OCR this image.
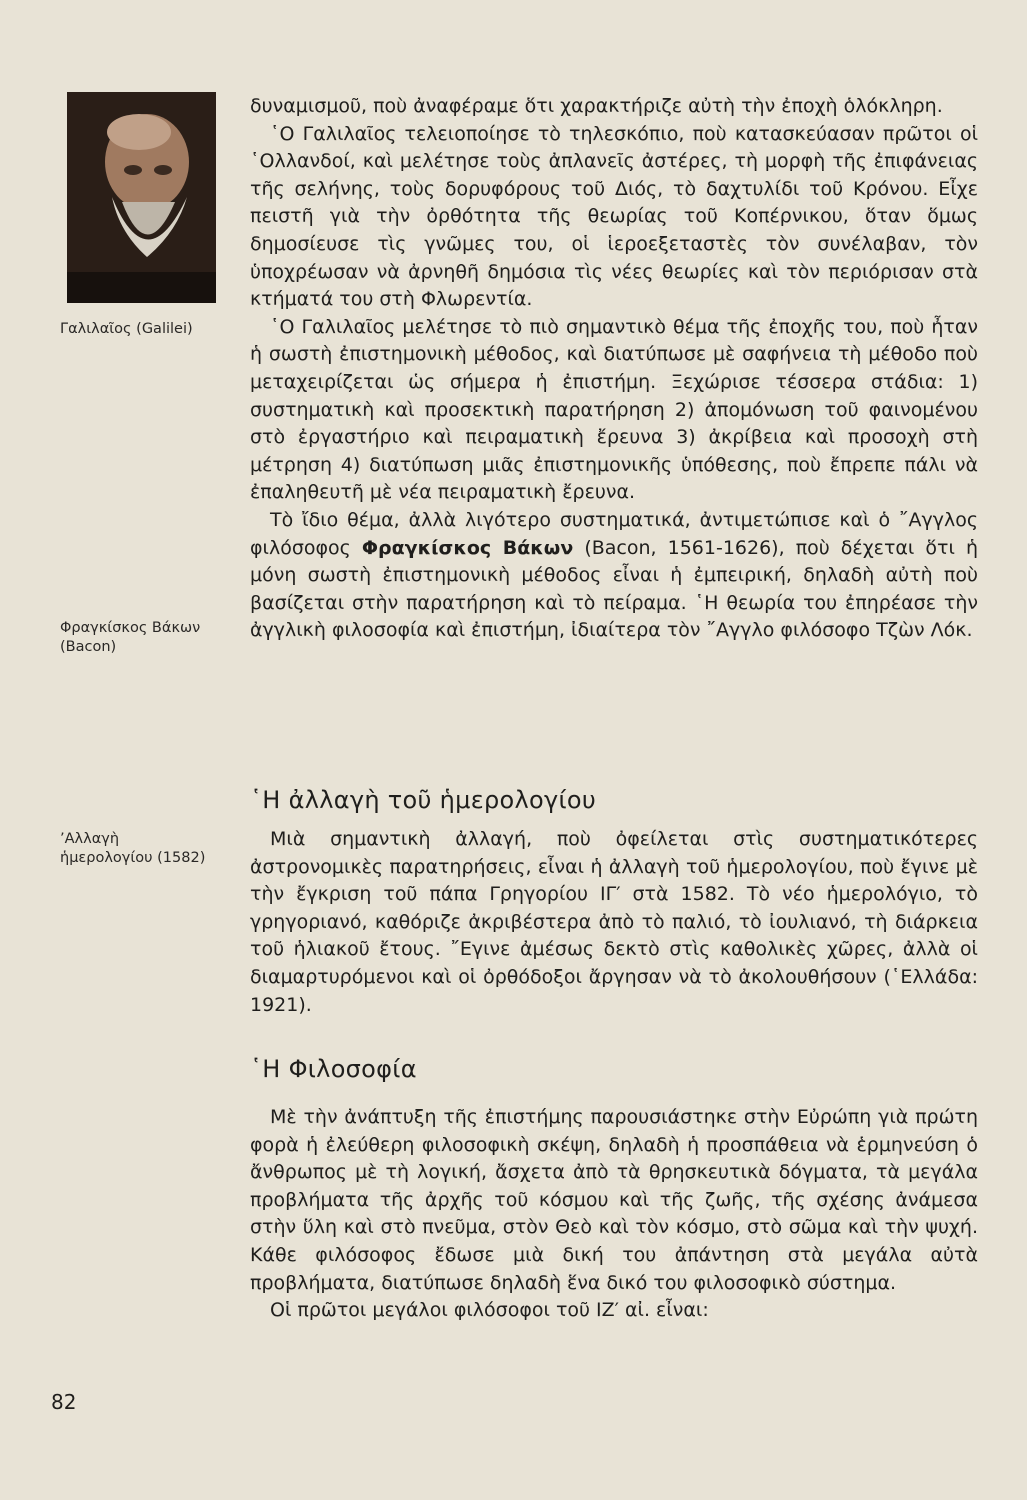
Γαλιλαῖος (Galilei)
Φραγκίσκος Βάκων
(Bacon)
’Αλλαγὴ
ἡμερολογίου (1582)

δυναμισμοῦ, ποὺ ἀναφέραμε ὅτι χαρακτήριζε αὐτὴ τὴν ἐποχὴ ὁλόκληρη.

῾Ο Γαλιλαῖος τελειοποίησε τὸ τηλεσκόπιο, ποὺ κατασκεύασαν πρῶτοι οἱ ῾Ολλανδοί, καὶ μελέτησε τοὺς ἀπλανεῖς ἀστέρες, τὴ μορφὴ τῆς ἐπιφάνειας τῆς σελήνης, τοὺς δορυφόρους τοῦ Διός, τὸ δαχτυλίδι τοῦ Κρόνου. Εἶχε πειστῆ γιὰ τὴν ὀρθότητα τῆς θεωρίας τοῦ Κοπέρνικου, ὅταν ὅμως δημοσίευσε τὶς γνῶμες του, οἱ ἱεροεξεταστὲς τὸν συνέλαβαν, τὸν ὑποχρέωσαν νὰ ἀρνηθῆ δημόσια τὶς νέες θεωρίες καὶ τὸν περιόρισαν στὰ κτήματά του στὴ Φλωρεντία.

῾Ο Γαλιλαῖος μελέτησε τὸ πιὸ σημαντικὸ θέμα τῆς ἐποχῆς του, ποὺ ἦταν ἡ σωστὴ ἐπιστημονικὴ μέθοδος, καὶ διατύπωσε μὲ σαφήνεια τὴ μέθοδο ποὺ μεταχειρίζεται ὡς σήμερα ἡ ἐπιστήμη. Ξεχώρισε τέσσερα στάδια: 1) συστηματικὴ καὶ προσεκτικὴ παρατήρηση 2) ἀπομόνωση τοῦ φαινομένου στὸ ἐργαστήριο καὶ πειραματικὴ ἔρευνα 3) ἀκρίβεια καὶ προσοχὴ στὴ μέτρηση 4) διατύπωση μιᾶς ἐπιστημονικῆς ὑπόθεσης, ποὺ ἔπρεπε πάλι νὰ ἐπαληθευτῆ μὲ νέα πειραματικὴ ἔρευνα.

Τὸ ἴδιο θέμα, ἀλλὰ λιγότερο συστηματικά, ἀντιμετώπισε καὶ ὁ ῎Αγγλος φιλόσοφος Φραγκίσκος Βάκων (Bacon, 1561-1626), ποὺ δέχεται ὅτι ἡ μόνη σωστὴ ἐπιστημονικὴ μέθοδος εἶναι ἡ ἐμπειρική, δηλαδὴ αὐτὴ ποὺ βασίζεται στὴν παρατήρηση καὶ τὸ πείραμα. ῾Η θεωρία του ἐπηρέασε τὴν ἀγγλικὴ φιλοσοφία καὶ ἐπιστήμη, ἰδιαίτερα τὸν ῎Αγγλο φιλόσοφο Τζὼν Λόκ.

῾Η ἀλλαγὴ τοῦ ἡμερολογίου

Μιὰ σημαντικὴ ἀλλαγή, ποὺ ὀφείλεται στὶς συστηματικότερες ἀστρονομικὲς παρατηρήσεις, εἶναι ἡ ἀλλαγὴ τοῦ ἡμερολογίου, ποὺ ἔγινε μὲ τὴν ἔγκριση τοῦ πάπα Γρηγορίου ΙΓ′ στὰ 1582. Τὸ νέο ἡμερολόγιο, τὸ γρηγοριανό, καθόριζε ἀκριβέστερα ἀπὸ τὸ παλιό, τὸ ἰουλιανό, τὴ διάρκεια τοῦ ἡλιακοῦ ἔτους. ῎Εγινε ἀμέσως δεκτὸ στὶς καθολικὲς χῶρες, ἀλλὰ οἱ διαμαρτυρόμενοι καὶ οἱ ὀρθόδοξοι ἄργησαν νὰ τὸ ἀκολουθήσουν (῾Ελλάδα: 1921).

῾Η Φιλοσοφία

Μὲ τὴν ἀνάπτυξη τῆς ἐπιστήμης παρουσιάστηκε στὴν Εὐρώπη γιὰ πρώτη φορὰ ἡ ἐλεύθερη φιλοσοφικὴ σκέψη, δηλαδὴ ἡ προσπάθεια νὰ ἑρμηνεύση ὁ ἄνθρωπος μὲ τὴ λογική, ἄσχετα ἀπὸ τὰ θρησκευτικὰ δόγματα, τὰ μεγάλα προβλήματα τῆς ἀρχῆς τοῦ κόσμου καὶ τῆς ζωῆς, τῆς σχέσης ἀνάμεσα στὴν ὕλη καὶ στὸ πνεῦμα, στὸν Θεὸ καὶ τὸν κόσμο, στὸ σῶμα καὶ τὴν ψυχή. Κάθε φιλόσοφος ἔδωσε μιὰ δική του ἀπάντηση στὰ μεγάλα αὐτὰ προβλήματα, διατύπωσε δηλαδὴ ἕνα δικό του φιλοσοφικὸ σύστημα.

Οἱ πρῶτοι μεγάλοι φιλόσοφοι τοῦ ΙΖ′ αἰ. εἶναι:

82
